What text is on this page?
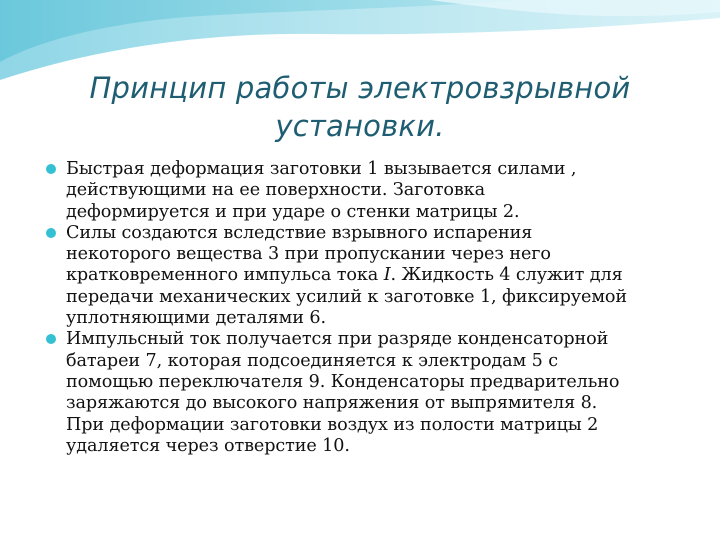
Принцип работы электровзрывной
установки.
Быстрая деформация заготовки 1 вызывается силами ,
действующими на ее поверхности. Заготовка
деформируется и при ударе о стенки матрицы 2.
Силы создаются вследствие взрывного испарения
некоторого вещества 3 при пропускании через него
кратковременного импульса тока I. Жидкость 4 служит для
передачи механических усилий к заготовке 1, фиксируемой
уплотняющими деталями 6.
Импульсный ток получается при разряде конденсаторной
батареи 7, которая подсоединяется к электродам 5 с
помощью переключателя 9. Конденсаторы предварительно
заряжаются до высокого напряжения от выпрямителя 8.
При деформации заготовки воздух из полости матрицы 2
удаляется через отверстие 10.
